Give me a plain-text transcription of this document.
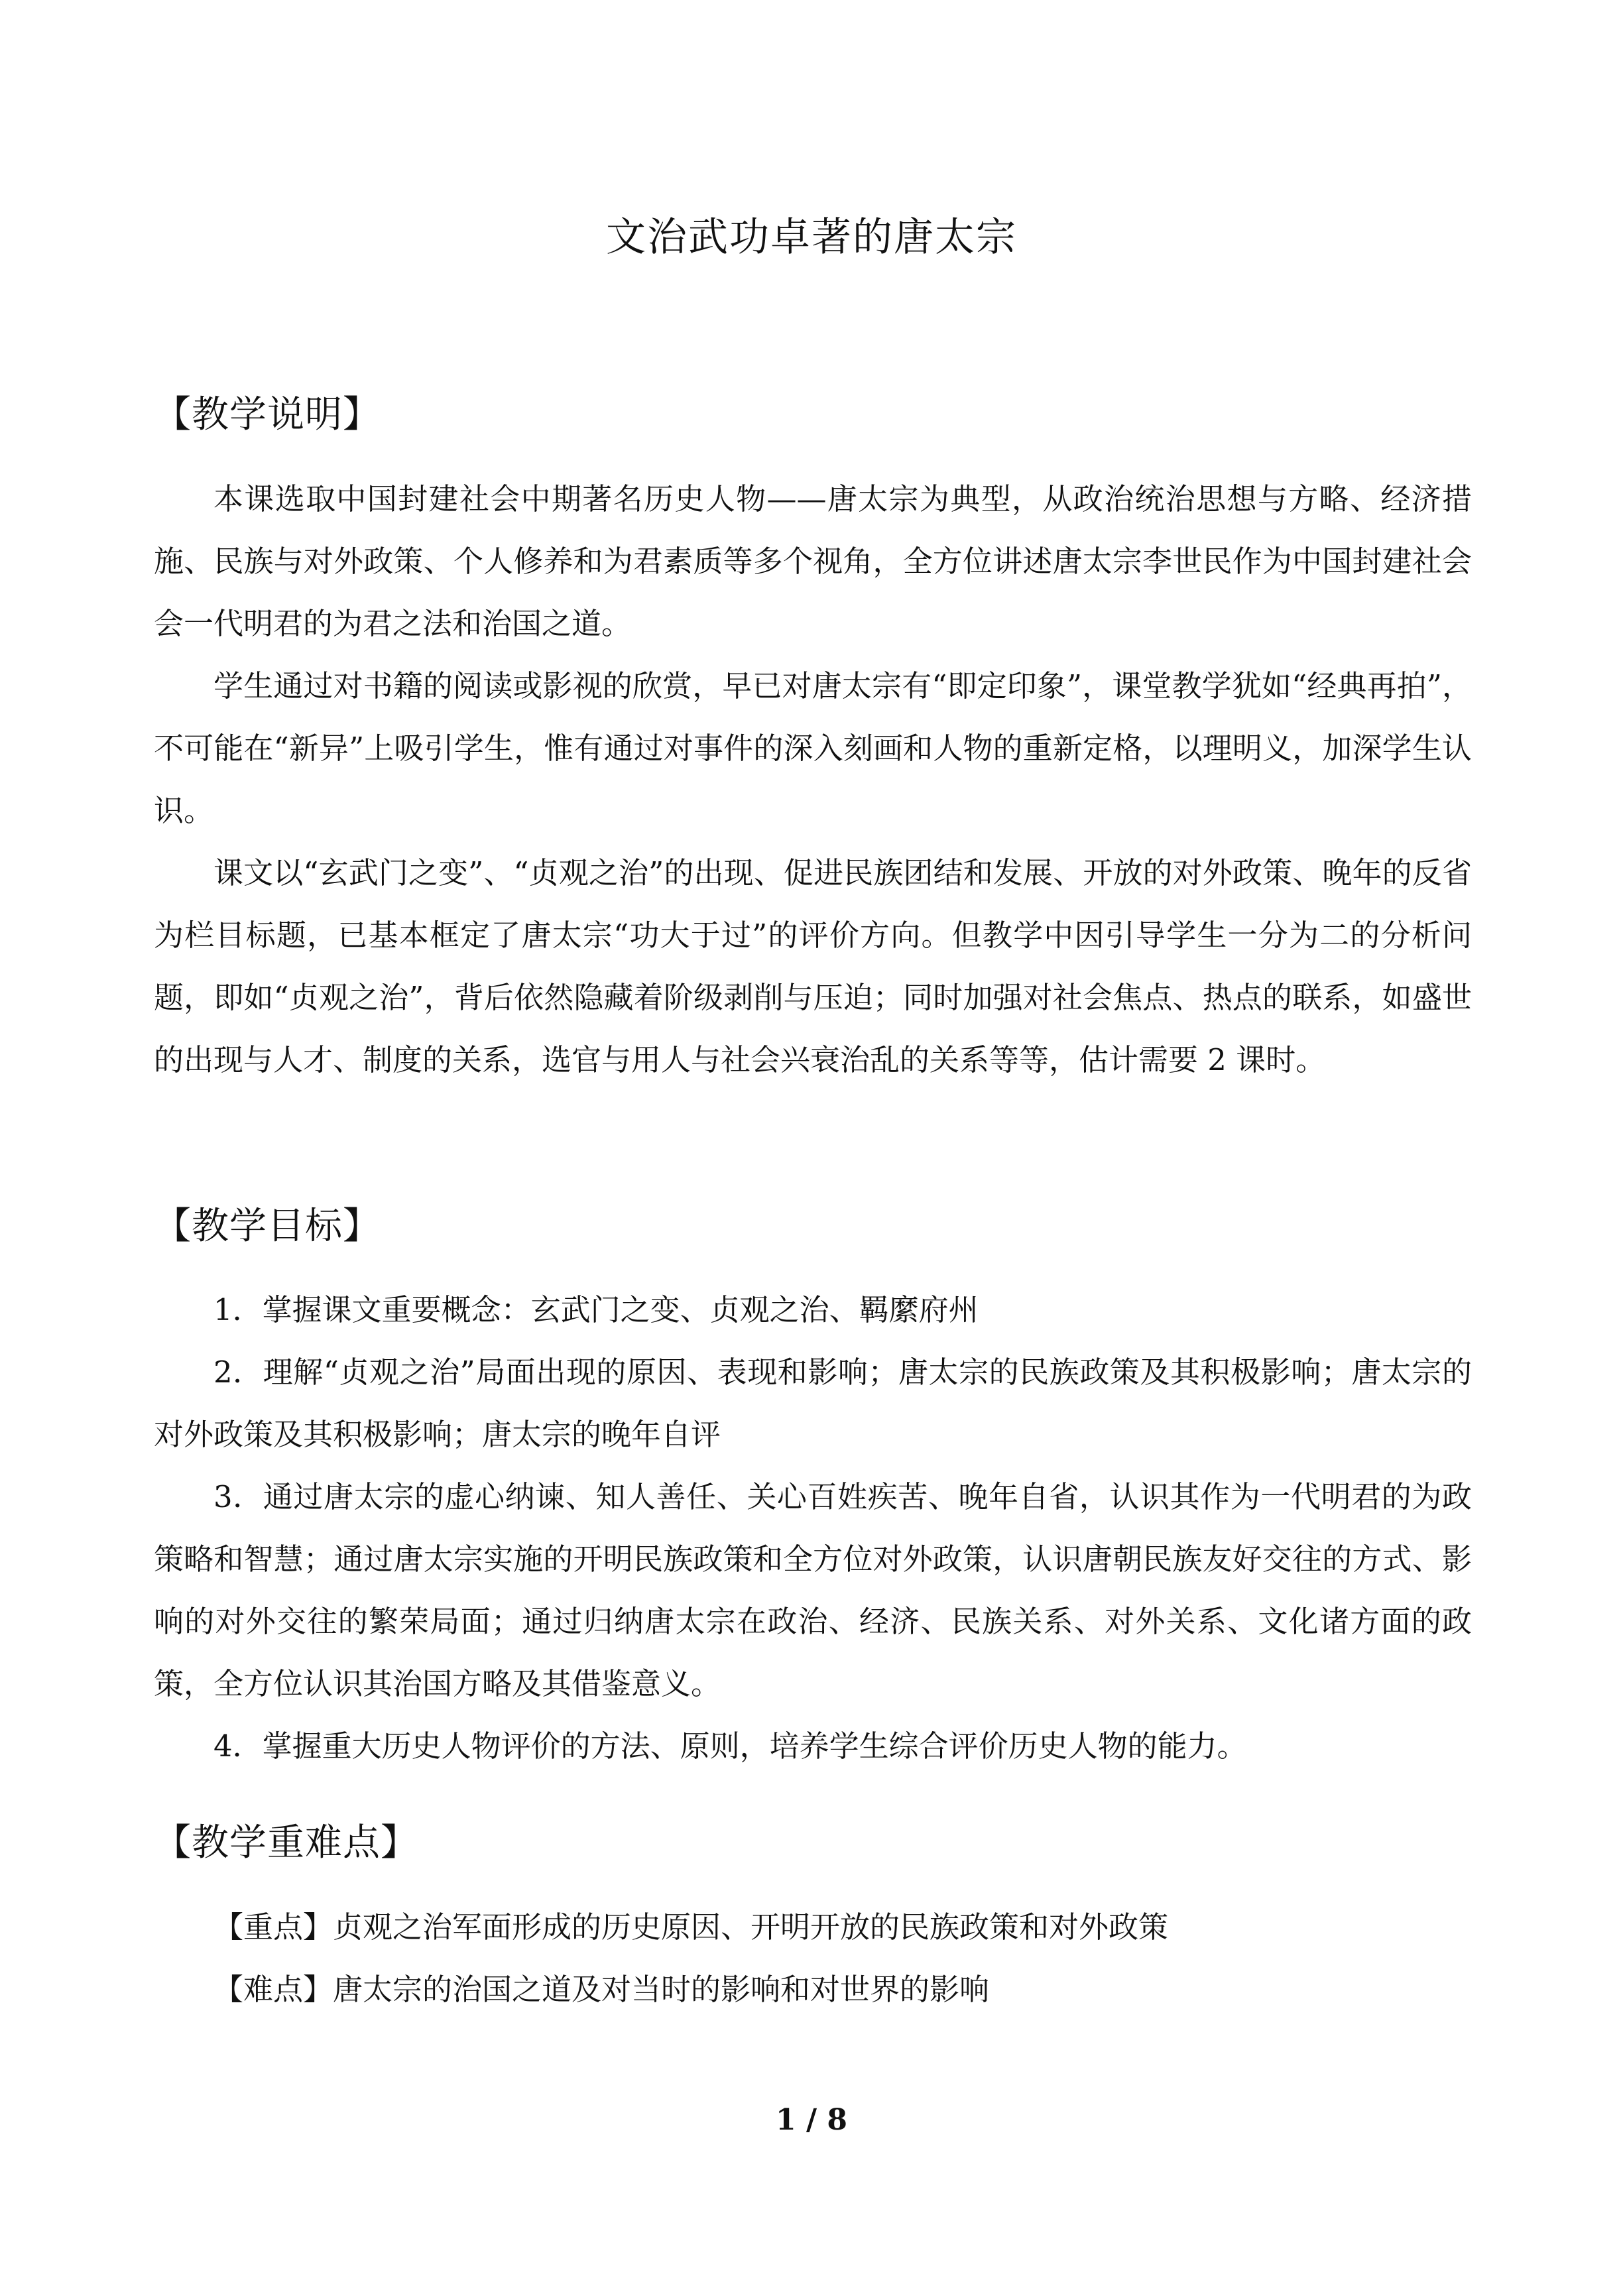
文治武功卓著的唐太宗
【教学说明】

本课选取中国封建社会中期著名历史人物——唐太宗为典型，从政治统治思想与方略、经济措施、民族与对外政策、个人修养和为君素质等多个视角，全方位讲述唐太宗李世民作为中国封建社会会一代明君的为君之法和治国之道。

学生通过对书籍的阅读或影视的欣赏，早已对唐太宗有“即定印象”，课堂教学犹如“经典再拍”，不可能在“新异”上吸引学生，惟有通过对事件的深入刻画和人物的重新定格，以理明义，加深学生认识。

课文以“玄武门之变”、“贞观之治”的出现、促进民族团结和发展、开放的对外政策、晚年的反省为栏目标题，已基本框定了唐太宗“功大于过”的评价方向。但教学中因引导学生一分为二的分析问题，即如“贞观之治”，背后依然隐藏着阶级剥削与压迫；同时加强对社会焦点、热点的联系，如盛世的出现与人才、制度的关系，选官与用人与社会兴衰治乱的关系等等，估计需要 2 课时。

【教学目标】

1．掌握课文重要概念：玄武门之变、贞观之治、羁縻府州

2．理解“贞观之治”局面出现的原因、表现和影响；唐太宗的民族政策及其积极影响；唐太宗的对外政策及其积极影响；唐太宗的晚年自评

3．通过唐太宗的虚心纳谏、知人善任、关心百姓疾苦、晚年自省，认识其作为一代明君的为政策略和智慧；通过唐太宗实施的开明民族政策和全方位对外政策，认识唐朝民族友好交往的方式、影响的对外交往的繁荣局面；通过归纳唐太宗在政治、经济、民族关系、对外关系、文化诸方面的政策，全方位认识其治国方略及其借鉴意义。

4．掌握重大历史人物评价的方法、原则，培养学生综合评价历史人物的能力。

【教学重难点】

【重点】贞观之治军面形成的历史原因、开明开放的民族政策和对外政策

【难点】唐太宗的治国之道及对当时的影响和对世界的影响

1 / 8
